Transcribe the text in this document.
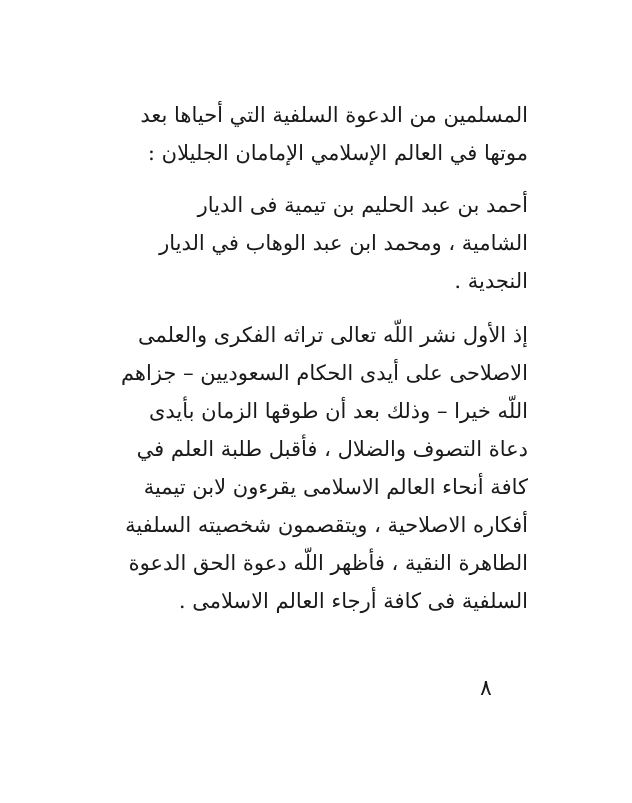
المسلمين من الدعوة السلفية التي أحياها بعد
موتها في العالم الإسلامي الإمامان الجليلان :
أحمد بن عبد الحليم بن تيمية فى الديار
الشامية ، ومحمد ابن عبد الوهاب في الديار
النجدية .
إذ الأول نشر اللّه تعالى تراثه الفكرى والعلمى
الاصلاحى على أيدى الحكام السعوديين – جزاهم
اللّه خيرا – وذلك بعد أن طوقها الزمان بأيدى
دعاة التصوف والضلال ، فأقبل طلبة العلم في
كافة أنحاء العالم الاسلامى يقرءون لابن تيمية
أفكاره الاصلاحية ، ويتقصمون شخصيته السلفية
الطاهرة النقية ، فأظهر اللّه دعوة الحق الدعوة
السلفية فى كافة أرجاء العالم الاسلامى .
٨
